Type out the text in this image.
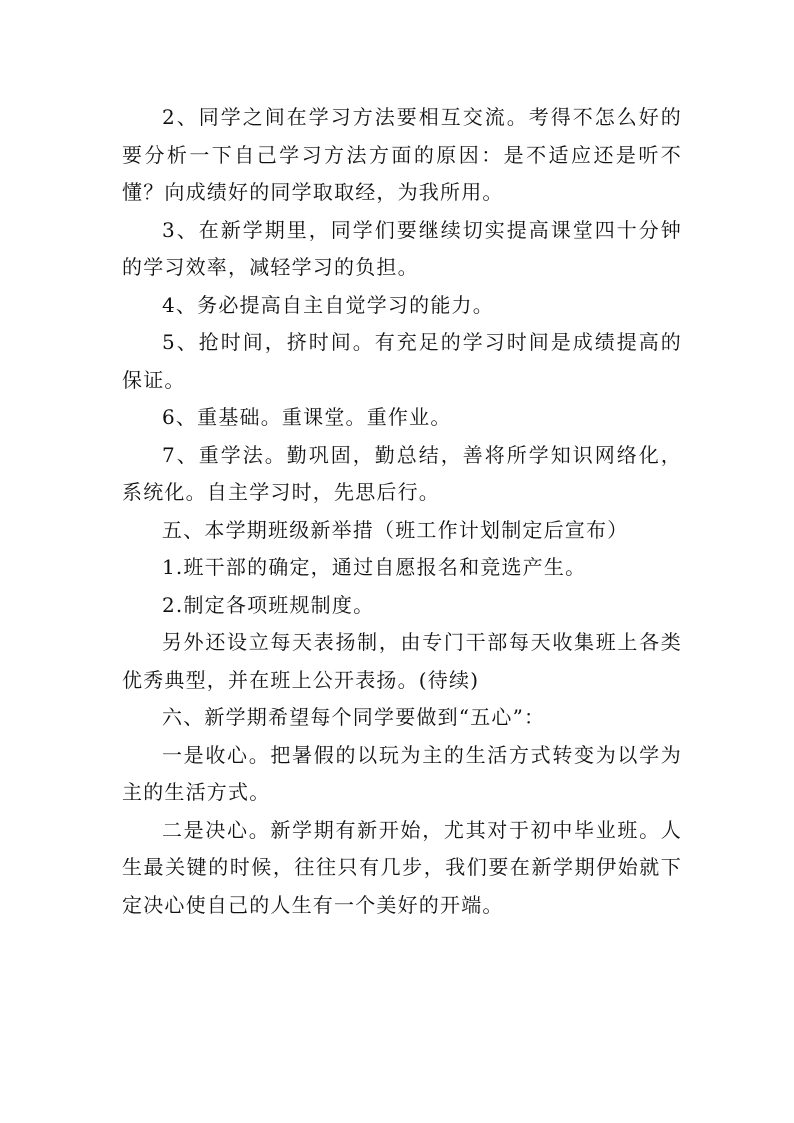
2、同学之间在学习方法要相互交流。考得不怎么好的要分析一下自己学习方法方面的原因：是不适应还是听不懂？向成绩好的同学取取经，为我所用。

3、在新学期里，同学们要继续切实提高课堂四十分钟的学习效率，减轻学习的负担。

4、务必提高自主自觉学习的能力。

5、抢时间，挤时间。有充足的学习时间是成绩提高的保证。

6、重基础。重课堂。重作业。

7、重学法。勤巩固，勤总结，善将所学知识网络化，系统化。自主学习时，先思后行。

五、本学期班级新举措（班工作计划制定后宣布）

1.班干部的确定，通过自愿报名和竞选产生。

2.制定各项班规制度。

另外还设立每天表扬制，由专门干部每天收集班上各类优秀典型，并在班上公开表扬。(待续)

六、新学期希望每个同学要做到“五心”：

一是收心。把暑假的以玩为主的生活方式转变为以学为主的生活方式。

二是决心。新学期有新开始，尤其对于初中毕业班。人生最关键的时候，往往只有几步，我们要在新学期伊始就下定决心使自己的人生有一个美好的开端。
